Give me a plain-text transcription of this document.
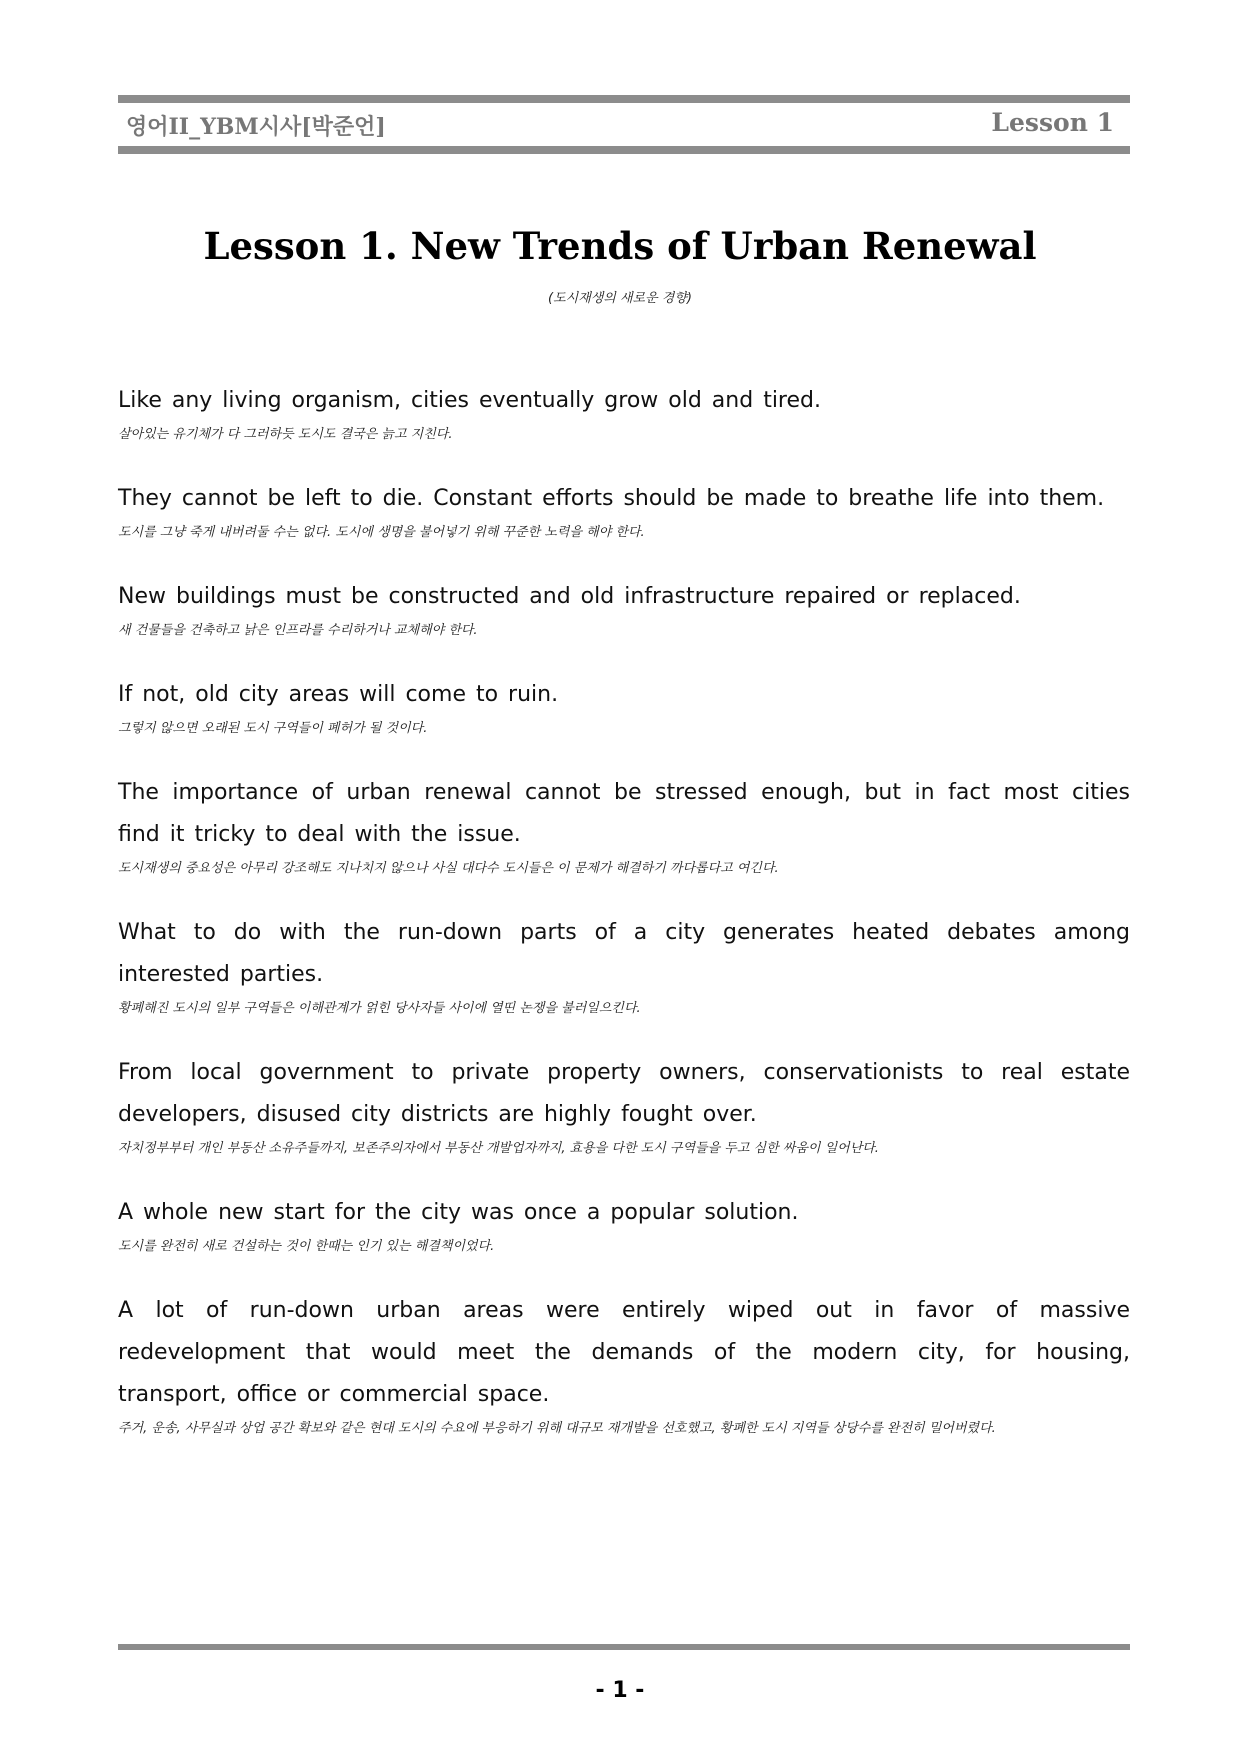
영어II_YBM시사[박준언]	Lesson 1
Lesson 1. New Trends of Urban Renewal
(도시재생의 새로운 경향)

Like any living organism, cities eventually grow old and tired.

살아있는 유기체가 다 그러하듯 도시도 결국은 늙고 지친다.

They cannot be left to die. Constant efforts should be made to breathe life into them.

도시를 그냥 죽게 내버려둘 수는 없다. 도시에 생명을 불어넣기 위해 꾸준한 노력을 해야 한다.

New buildings must be constructed and old infrastructure repaired or replaced.

새 건물들을 건축하고 낡은 인프라를 수리하거나 교체해야 한다.

If not, old city areas will come to ruin.

그렇지 않으면 오래된 도시 구역들이 폐허가 될 것이다.

The importance of urban renewal cannot be stressed enough, but in fact most cities find it tricky to deal with the issue.

도시재생의 중요성은 아무리 강조해도 지나치지 않으나 사실 대다수 도시들은 이 문제가 해결하기 까다롭다고 여긴다.

What to do with the run-down parts of a city generates heated debates among interested parties.

황폐해진 도시의 일부 구역들은 이해관계가 얽힌 당사자들 사이에 열띤 논쟁을 불러일으킨다.

From local government to private property owners, conservationists to real estate developers, disused city districts are highly fought over.

자치정부부터 개인 부동산 소유주들까지, 보존주의자에서 부동산 개발업자까지, 효용을 다한 도시 구역들을 두고 심한 싸움이 일어난다.

A whole new start for the city was once a popular solution.

도시를 완전히 새로 건설하는 것이 한때는 인기 있는 해결책이었다.

A lot of run-down urban areas were entirely wiped out in favor of massive redevelopment that would meet the demands of the modern city, for housing, transport, office or commercial space.

주거, 운송, 사무실과 상업 공간 확보와 같은 현대 도시의 수요에 부응하기 위해 대규모 재개발을 선호했고, 황폐한 도시 지역들 상당수를 완전히 밀어버렸다.

- 1 -
